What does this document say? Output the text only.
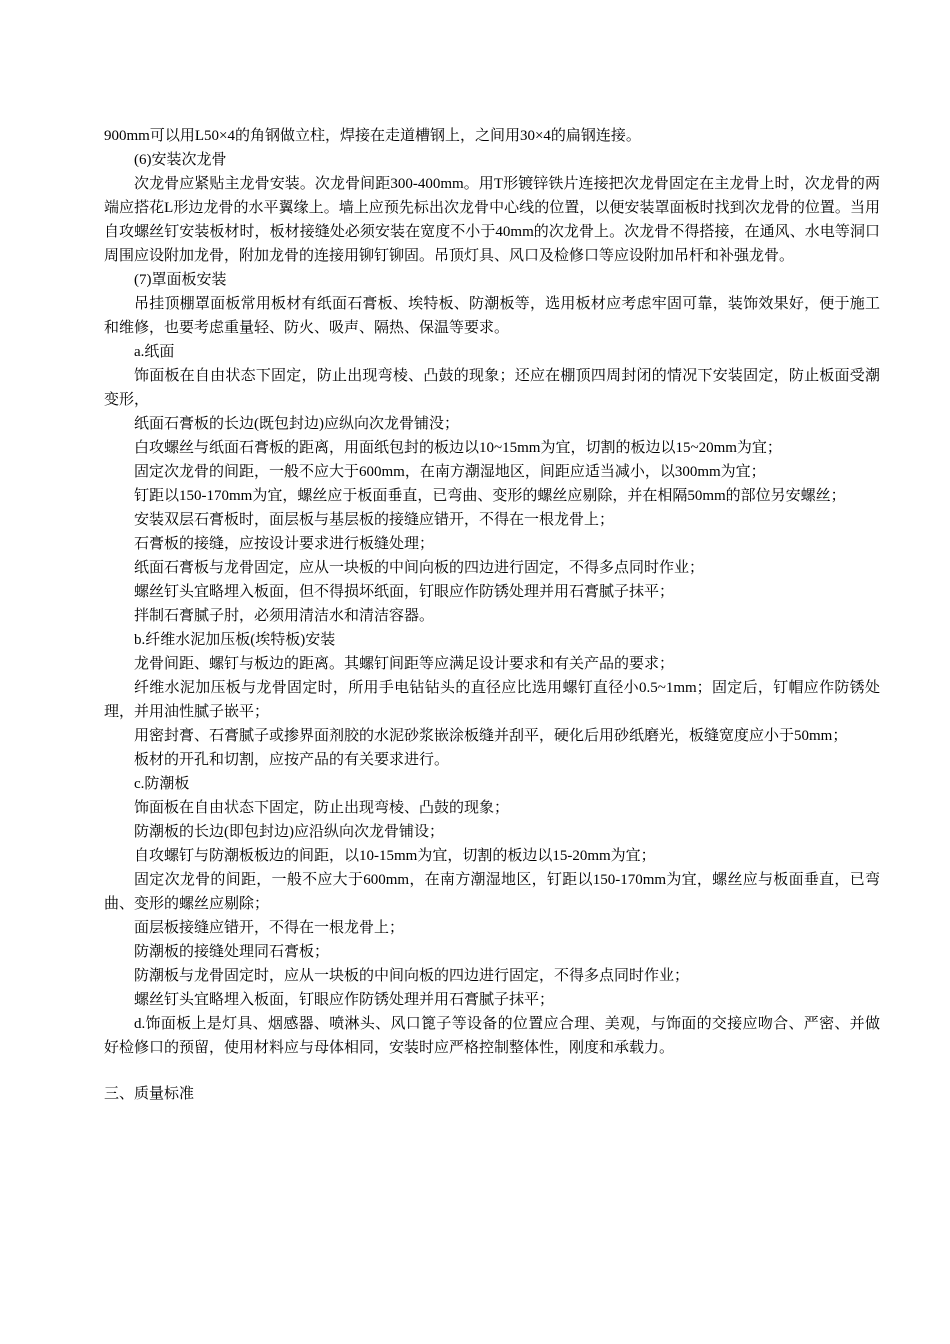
900mm可以用L50×4的角钢做立柱，焊接在走道槽钢上，之间用30×4的扁钢连接。

(6)安装次龙骨

次龙骨应紧贴主龙骨安装。次龙骨间距300-400mm。用T形镀锌铁片连接把次龙骨固定在主龙骨上时，次龙骨的两端应搭花L形边龙骨的水平翼缘上。墙上应预先标出次龙骨中心线的位置，以便安装罩面板时找到次龙骨的位置。当用自攻螺丝钉安装板材时，板材接缝处必须安装在宽度不小于40mm的次龙骨上。次龙骨不得搭接，在通风、水电等洞口周围应设附加龙骨，附加龙骨的连接用铆钉铆固。吊顶灯具、风口及检修口等应设附加吊杆和补强龙骨。

(7)罩面板安装

吊挂顶棚罩面板常用板材有纸面石膏板、埃特板、防潮板等，选用板材应考虑牢固可靠，装饰效果好，便于施工和维修，也要考虑重量轻、防火、吸声、隔热、保温等要求。

a.纸面

饰面板在自由状态下固定，防止出现弯棱、凸鼓的现象；还应在棚顶四周封闭的情况下安装固定，防止板面受潮变形，

纸面石膏板的长边(既包封边)应纵向次龙骨铺没；

白攻螺丝与纸面石膏板的距离，用面纸包封的板边以10~15mm为宜，切割的板边以15~20mm为宜；

固定次龙骨的间距，一般不应大于600mm，在南方潮湿地区，间距应适当减小，以300mm为宜；

钉距以150-170mm为宜，螺丝应于板面垂直，已弯曲、变形的螺丝应剔除，并在相隔50mm的部位另安螺丝；

安装双层石膏板时，面层板与基层板的接缝应错开，不得在一根龙骨上；

石膏板的接缝，应按设计要求进行板缝处理；

纸面石膏板与龙骨固定，应从一块板的中间向板的四边进行固定，不得多点同时作业；

螺丝钉头宜略埋入板面，但不得损坏纸面，钉眼应作防锈处理并用石膏腻子抹平；

拌制石膏腻子肘，必须用清洁水和清洁容器。

b.纤维水泥加压板(埃特板)安装

龙骨间距、螺钉与板边的距离。其螺钉间距等应满足设计要求和有关产品的要求；

纤维水泥加压板与龙骨固定时，所用手电钻钻头的直径应比选用螺钉直径小0.5~1mm；固定后，钉帽应作防锈处理，并用油性腻子嵌平；

用密封膏、石膏腻子或掺界面剂胶的水泥砂浆嵌涂板缝并刮平，硬化后用砂纸磨光，板缝宽度应小于50mm；

板材的开孔和切割，应按产品的有关要求进行。

c.防潮板

饰面板在自由状态下固定，防止出现弯棱、凸鼓的现象；

防潮板的长边(即包封边)应沿纵向次龙骨铺设；

自攻螺钉与防潮板板边的间距，以10-15mm为宜，切割的板边以15-20mm为宜；

固定次龙骨的间距，一般不应大于600mm，在南方潮湿地区，钉距以150-170mm为宜，螺丝应与板面垂直，已弯曲、变形的螺丝应剔除；

面层板接缝应错开，不得在一根龙骨上；

防潮板的接缝处理同石膏板；

防潮板与龙骨固定时，应从一块板的中间向板的四边进行固定，不得多点同时作业；

螺丝钉头宜略埋入板面，钉眼应作防锈处理并用石膏腻子抹平；

d.饰面板上是灯具、烟感器、喷淋头、风口篦子等设备的位置应合理、美观，与饰面的交接应吻合、严密、并做好检修口的预留，使用材料应与母体相同，安装时应严格控制整体性，刚度和承载力。

三、质量标准
